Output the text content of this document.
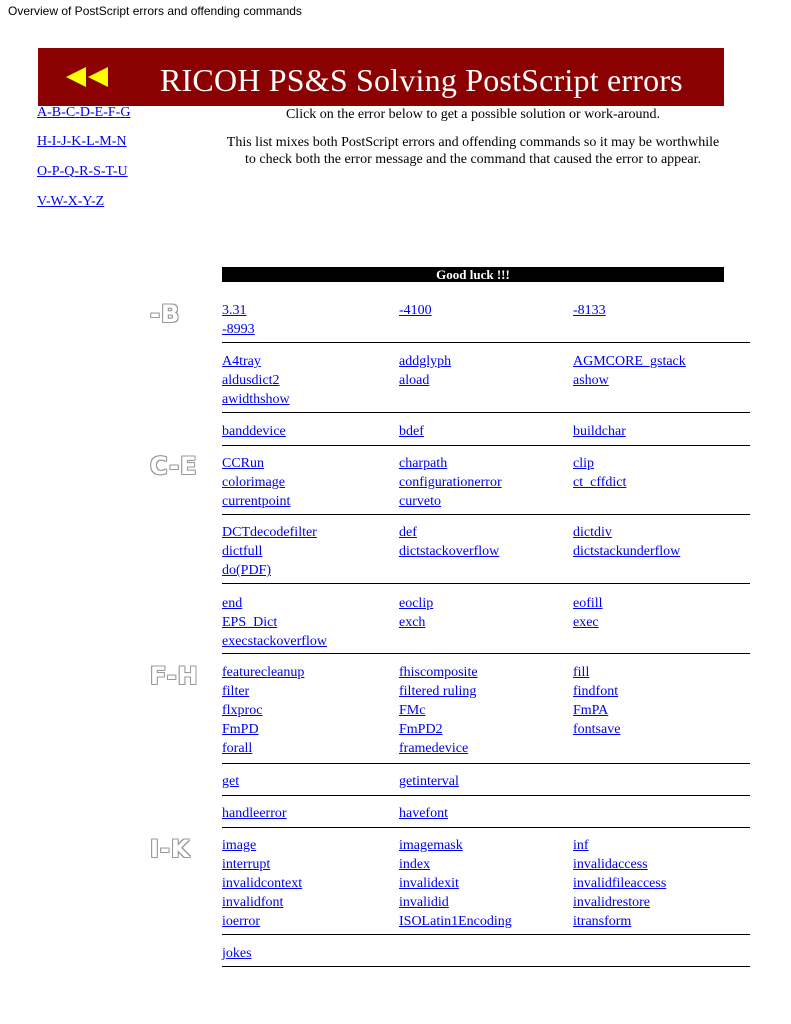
Overview of PostScript errors and offending commands
RICOH PS&S Solving PostScript errors
A-B-C-D-E-F-G
H-I-J-K-L-M-N
O-P-Q-R-S-T-U
V-W-X-Y-Z
Click on the error below to get a possible solution or work-around.
This list mixes both PostScript errors and offending commands so it may be worthwhile to check both the error message and the command that caused the error to appear.
Good luck !!!
-B
C-E
F-H
I-K
3.31	-4100	-8133
-8993
A4tray	addglyph	AGMCORE_gstack
aldusdict2	aload	ashow
awidthshow
banddevice	bdef	buildchar
CCRun	charpath	clip
colorimage	configurationerror	ct_cffdict
currentpoint	curveto
DCTdecodefilter	def	dictdiv
dictfull	dictstackoverflow	dictstackunderflow
do(PDF)
end	eoclip	eofill
EPS_Dict	exch	exec
execstackoverflow
featurecleanup	fhiscomposite	fill
filter	filtered ruling	findfont
flxproc	FMc	FmPA
FmPD	FmPD2	fontsave
forall	framedevice
get	getinterval
handleerror	havefont
image	imagemask	inf
interrupt	index	invalidaccess
invalidcontext	invalidexit	invalidfileaccess
invalidfont	invalidid	invalidrestore
ioerror	ISOLatin1Encoding	itransform
jokes
